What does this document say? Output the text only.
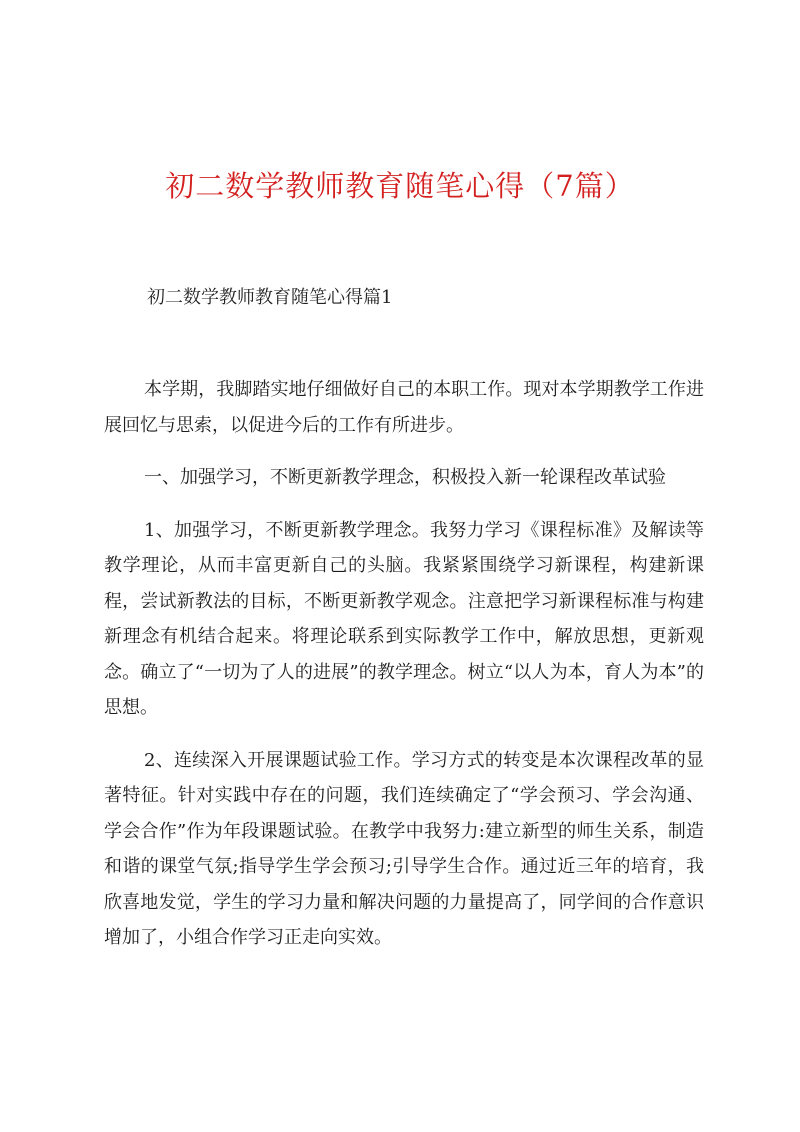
初二数学教师教育随笔心得（7篇）
初二数学教师教育随笔心得篇1

本学期，我脚踏实地仔细做好自己的本职工作。现对本学期教学工作进展回忆与思索，以促进今后的工作有所进步。

一、加强学习，不断更新教学理念，积极投入新一轮课程改革试验

1、加强学习，不断更新教学理念。我努力学习《课程标准》及解读等教学理论，从而丰富更新自己的头脑。我紧紧围绕学习新课程，构建新课程，尝试新教法的目标，不断更新教学观念。注意把学习新课程标准与构建新理念有机结合起来。将理论联系到实际教学工作中，解放思想，更新观念。确立了“一切为了人的进展”的教学理念。树立“以人为本，育人为本”的思想。

2、连续深入开展课题试验工作。学习方式的转变是本次课程改革的显著特征。针对实践中存在的问题，我们连续确定了“学会预习、学会沟通、学会合作”作为年段课题试验。在教学中我努力:建立新型的师生关系，制造和谐的课堂气氛;指导学生学会预习;引导学生合作。通过近三年的培育，我欣喜地发觉，学生的学习力量和解决问题的力量提高了，同学间的合作意识增加了，小组合作学习正走向实效。
